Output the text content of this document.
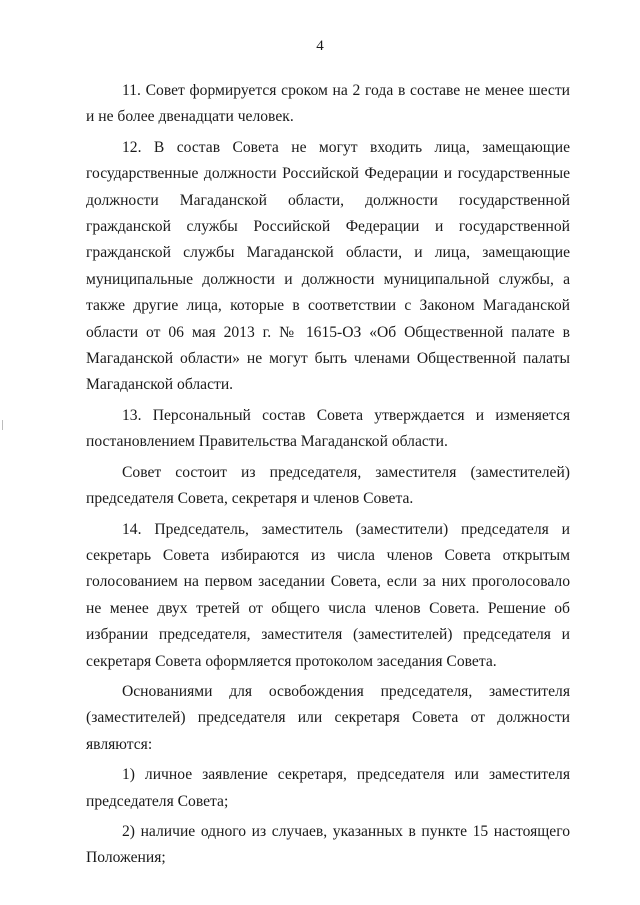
4

11. Совет формируется сроком на 2 года в составе не менее шести и не более двенадцати человек.

12. В состав Совета не могут входить лица, замещающие государственные должности Российской Федерации и государственные должности Магаданской области, должности государственной гражданской службы Российской Федерации и государственной гражданской службы Магаданской области, и лица, замещающие муниципальные должности и должности муниципальной службы, а также другие лица, которые в соответствии с Законом Магаданской области от 06 мая 2013 г. № 1615-ОЗ «Об Общественной палате в Магаданской области» не могут быть членами Общественной палаты Магаданской области.

13. Персональный состав Совета утверждается и изменяется постановлением Правительства Магаданской области.

Совет состоит из председателя, заместителя (заместителей) председателя Совета, секретаря и членов Совета.

14. Председатель, заместитель (заместители) председателя и секретарь Совета избираются из числа членов Совета открытым голосованием на первом заседании Совета, если за них проголосовало не менее двух третей от общего числа членов Совета. Решение об избрании председателя, заместителя (заместителей) председателя и секретаря Совета оформляется протоколом заседания Совета.

Основаниями для освобождения председателя, заместителя (заместителей) председателя или секретаря Совета от должности являются:

1) личное заявление секретаря, председателя или заместителя председателя Совета;

2) наличие одного из случаев, указанных в пункте 15 настоящего Положения;
